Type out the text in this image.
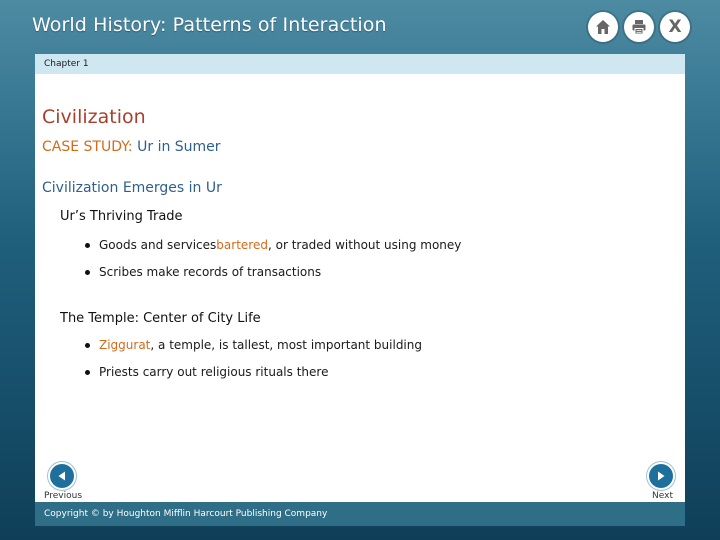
World History: Patterns of Interaction	X
Chapter 1
Civilization
CASE STUDY: Ur in Sumer
Civilization Emerges in Ur
Ur’s Thriving Trade
Goods and services bartered , or traded without using money
Scribes make records of transactions
The Temple: Center of City Life
Ziggurat , a temple, is tallest, most important building
Priests carry out religious rituals there
Previous	Next
Copyright © by Houghton Mifflin Harcourt Publishing Company
